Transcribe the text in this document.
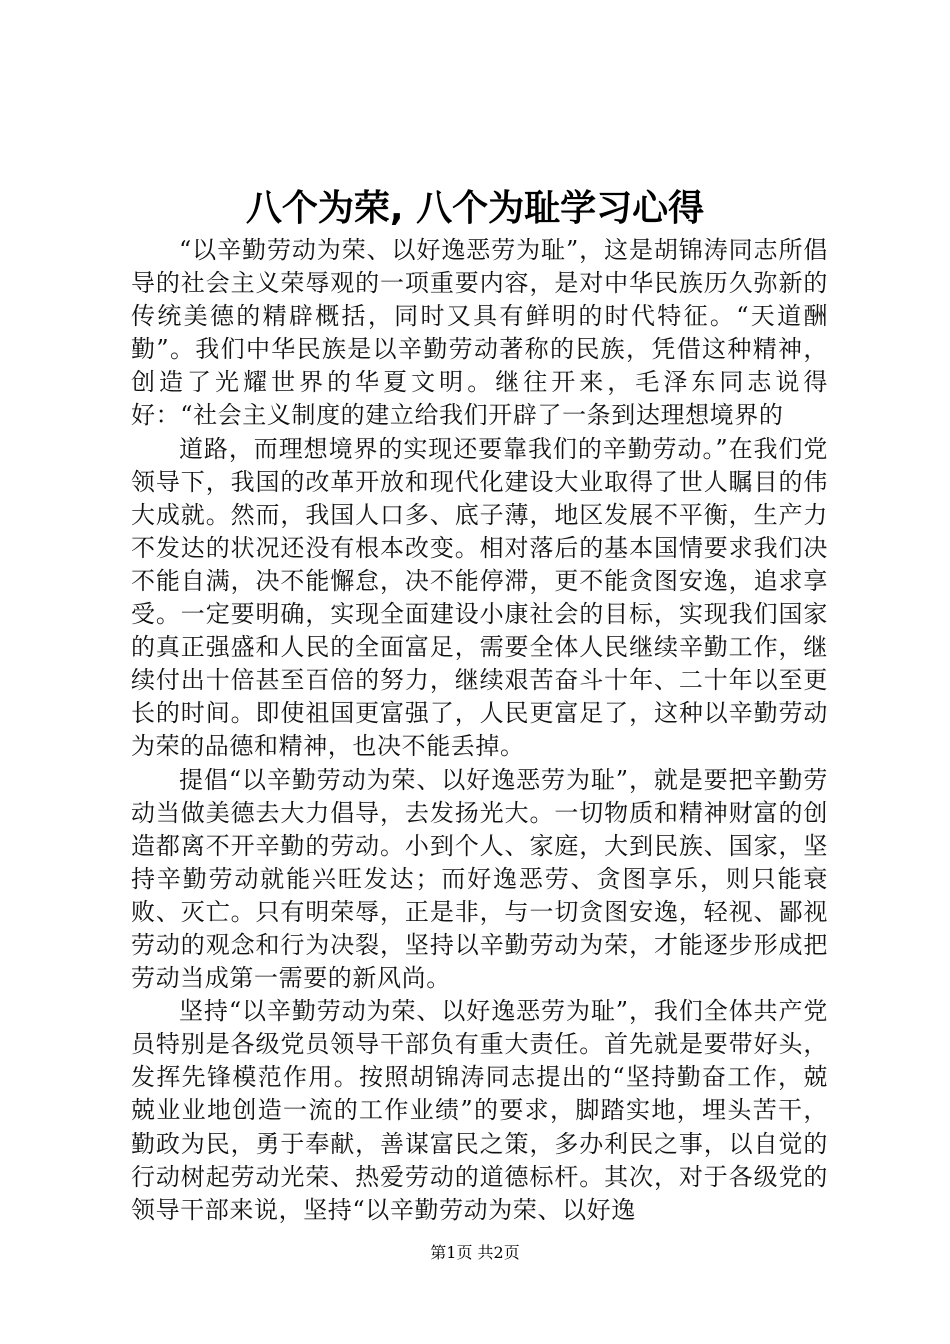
八个为荣, 八个为耻学习心得

“以辛勤劳动为荣、以好逸恶劳为耻”，这是胡锦涛同志所倡导的社会主义荣辱观的一项重要内容，是对中华民族历久弥新的传统美德的精辟概括，同时又具有鲜明的时代特征。“天道酬勤”。我们中华民族是以辛勤劳动著称的民族，凭借这种精神，创造了光耀世界的华夏文明。继往开来，毛泽东同志说得好：“社会主义制度的建立给我们开辟了一条到达理想境界的

道路，而理想境界的实现还要靠我们的辛勤劳动。”在我们党领导下，我国的改革开放和现代化建设大业取得了世人瞩目的伟大成就。然而，我国人口多、底子薄，地区发展不平衡，生产力不发达的状况还没有根本改变。相对落后的基本国情要求我们决不能自满，决不能懈怠，决不能停滞，更不能贪图安逸，追求享受。一定要明确，实现全面建设小康社会的目标，实现我们国家的真正强盛和人民的全面富足，需要全体人民继续辛勤工作，继续付出十倍甚至百倍的努力，继续艰苦奋斗十年、二十年以至更长的时间。即使祖国更富强了，人民更富足了，这种以辛勤劳动为荣的品德和精神，也决不能丢掉。

提倡“以辛勤劳动为荣、以好逸恶劳为耻”，就是要把辛勤劳动当做美德去大力倡导，去发扬光大。一切物质和精神财富的创造都离不开辛勤的劳动。小到个人、家庭，大到民族、国家，坚持辛勤劳动就能兴旺发达；而好逸恶劳、贪图享乐，则只能衰败、灭亡。只有明荣辱，正是非，与一切贪图安逸，轻视、鄙视劳动的观念和行为决裂，坚持以辛勤劳动为荣，才能逐步形成把劳动当成第一需要的新风尚。

坚持“以辛勤劳动为荣、以好逸恶劳为耻”，我们全体共产党员特别是各级党员领导干部负有重大责任。首先就是要带好头，发挥先锋模范作用。按照胡锦涛同志提出的“坚持勤奋工作，兢兢业业地创造一流的工作业绩”的要求，脚踏实地，埋头苦干，勤政为民，勇于奉献，善谋富民之策，多办利民之事，以自觉的行动树起劳动光荣、热爱劳动的道德标杆。其次，对于各级党的领导干部来说，坚持“以辛勤劳动为荣、以好逸

第1页 共2页
